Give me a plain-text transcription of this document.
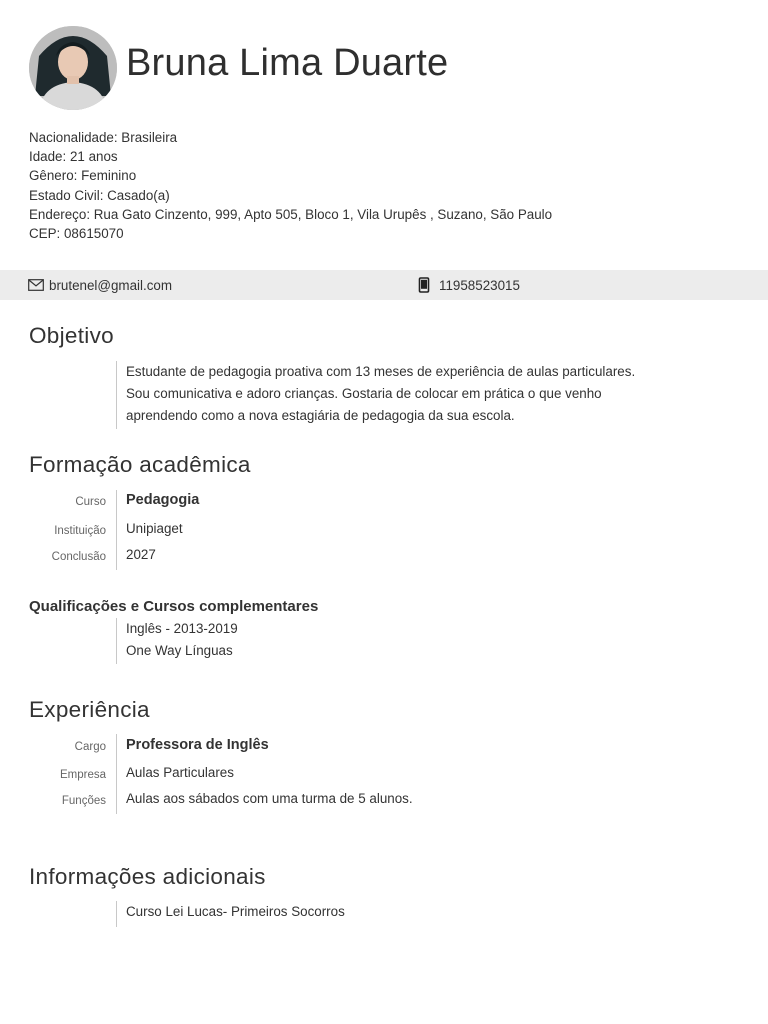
Bruna Lima Duarte
Nacionalidade: Brasileira
Idade: 21 anos
Gênero: Feminino
Estado Civil: Casado(a)
Endereço: Rua Gato Cinzento, 999, Apto 505, Bloco 1, Vila Urupês , Suzano, São Paulo
CEP: 08615070
brutenel@gmail.com	11958523015
Objetivo
Estudante de pedagogia proativa com 13 meses de experiência de aulas particulares. Sou comunicativa e adoro crianças. Gostaria de colocar em prática o que venho aprendendo como a nova estagiária de pedagogia da sua escola.
Formação acadêmica
Curso Pedagogia
Instituição Unipiaget
Conclusão 2027
Qualificações e Cursos complementares
Inglês - 2013-2019
One Way Línguas
Experiência
Cargo Professora de Inglês
Empresa Aulas Particulares
Funções Aulas aos sábados com uma turma de 5 alunos.
Informações adicionais
Curso Lei Lucas- Primeiros Socorros
